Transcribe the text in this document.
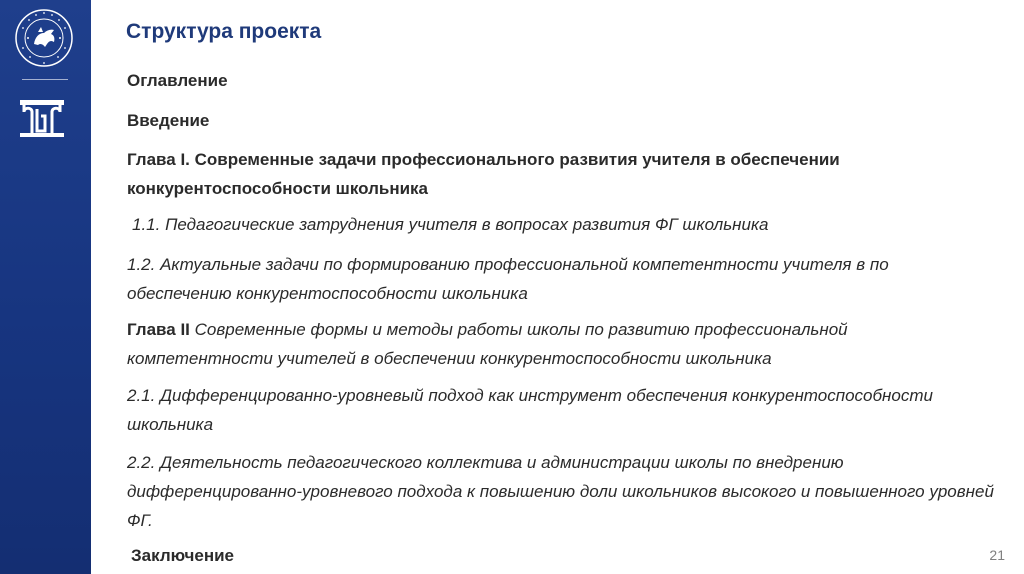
Структура проекта
Оглавление
Введение
Глава I. Современные задачи профессионального развития учителя в обеспечении конкурентоспособности школьника
1.1. Педагогические затруднения учителя в вопросах развития ФГ школьника
1.2. Актуальные задачи по формированию профессиональной компетентности учителя в по обеспечению конкурентоспособности школьника
Глава II Современные формы и методы работы школы по развитию профессиональной компетентности учителей в обеспечении конкурентоспособности школьника
2.1. Дифференцированно-уровневый подход как инструмент обеспечения конкурентоспособности школьника
2.2. Деятельность педагогического коллектива и администрации школы по внедрению дифференцированно-уровневого подхода к повышению доли школьников высокого и повышенного уровней ФГ.
Заключение	21
